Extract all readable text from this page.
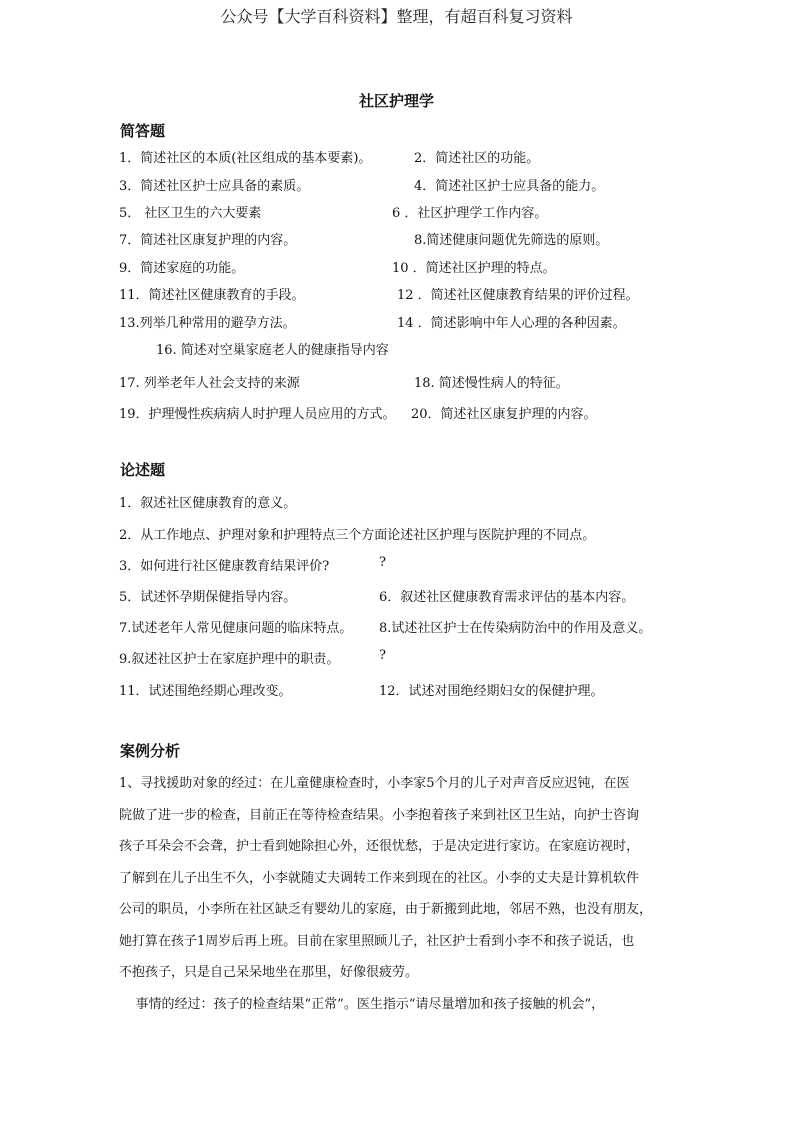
公众号【大学百科资料】整理，有超百科复习资料
社区护理学
简答题
1．简述社区的本质(社区组成的基本要素)。	2．简述社区的功能。
3．简述社区护士应具备的素质。	4．简述社区护士应具备的能力。
5． 社区卫生的六大要素	6 ．社区护理学工作内容。
7．简述社区康复护理的内容。	8.简述健康问题优先筛选的原则。
9．简述家庭的功能。	10 ．简述社区护理的特点。
11．简述社区健康教育的手段。	12 ．简述社区健康教育结果的评价过程。
13.列举几种常用的避孕方法。	14 ．简述影响中年人心理的各种因素。
16. 简述对空巢家庭老人的健康指导内容
17. 列举老年人社会支持的来源	18. 简述慢性病人的特征。
19．护理慢性疾病病人时护理人员应用的方式。 20．简述社区康复护理的内容。
论述题
1．叙述社区健康教育的意义。
2．从工作地点、护理对象和护理特点三个方面论述社区护理与医院护理的不同点。
3．如何进行社区健康教育结果评价?	?
5．试述怀孕期保健指导内容。	6．叙述社区健康教育需求评估的基本内容。
7.试述老年人常见健康问题的临床特点。 8.试述社区护士在传染病防治中的作用及意义。
9.叙述社区护士在家庭护理中的职责。	?
11．试述围绝经期心理改变。	12．试述对围绝经期妇女的保健护理。
案例分析
1、寻找援助对象的经过：在儿童健康检查时，小李家5个月的儿子对声音反应迟钝，在医
院做了进一步的检查，目前正在等待检查结果。小李抱着孩子来到社区卫生站，向护士咨询
孩子耳朵会不会聋，护士看到她除担心外，还很忧愁，于是决定进行家访。在家庭访视时，
了解到在儿子出生不久，小李就随丈夫调转工作来到现在的社区。小李的丈夫是计算机软件
公司的职员，小李所在社区缺乏有婴幼儿的家庭，由于新搬到此地，邻居不熟，也没有朋友，
她打算在孩子1周岁后再上班。目前在家里照顾儿子，社区护士看到小李不和孩子说话，也
不抱孩子，只是自己呆呆地坐在那里，好像很疲劳。
事情的经过：孩子的检查结果“正常”。医生指示“请尽量增加和孩子接触的机会”，
